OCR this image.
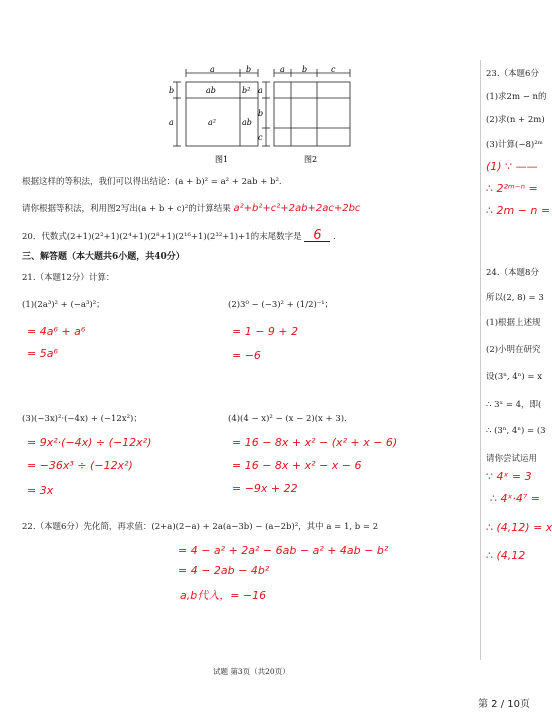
a	b
b
a
ab	b²
a²	ab
图1
a b	c
a
b
c
图2
根据这样的等积法，我们可以得出结论：(a + b)² = a² + 2ab + b².
请你根据等积法，利用图2写出(a + b + c)²的计算结果 a²+b²+c²+2ab+2ac+2bc
20．代数式(2+1)(2²+1)(2⁴+1)(2⁸+1)(2¹⁶+1)(2³²+1)+1的末尾数字是 6 .
三、解答题（本大题共6小题，共40分）
21.（本题12分）计算：
(1)(2a³)² + (−a³)²；
= 4a⁶ + a⁶
= 5a⁶
(2)3⁰ − (−3)² + (1/2)⁻¹；
= 1 − 9 + 2
= −6
(3)(−3x)²·(−4x) + (−12x²)；
= 9x²·(−4x) ÷ (−12x²)
= −36x³ ÷ (−12x²)
= 3x
(4)(4 − x)² − (x − 2)(x + 3)．
= 16 − 8x + x² − (x² + x − 6)
= 16 − 8x + x² − x − 6
= −9x + 22
22.（本题6分）先化简，再求值：(2+a)(2−a) + 2a(a−3b) − (a−2b)²，其中 a = 1, b = 2
= 4 − a² + 2a² − 6ab − a² + 4ab − b²
= 4 − 2ab − 4b²
a,b代入，= −16
试题 第3页（共20页）
23.（本题6分
(1)求2m − n的
(2)求(n + 2m)
(3)计算(−8)²ᵐ
(1) ∵ ——
∴ 2²ᵐ⁻ⁿ =
∴ 2m − n =
24.（本题8分
所以(2, 8) = 3
(1)根据上述规
(2)小明在研究
设(3ⁿ, 4ⁿ) = x
∴ 3ˣ = 4，即(
∴ (3ⁿ, 4ⁿ) = (3
请你尝试运用
∵ 4ˣ = 3
∴ 4ˣ·4⁷ =
∴ (4,12) = x
∴ (4,12
第 2 / 10页
